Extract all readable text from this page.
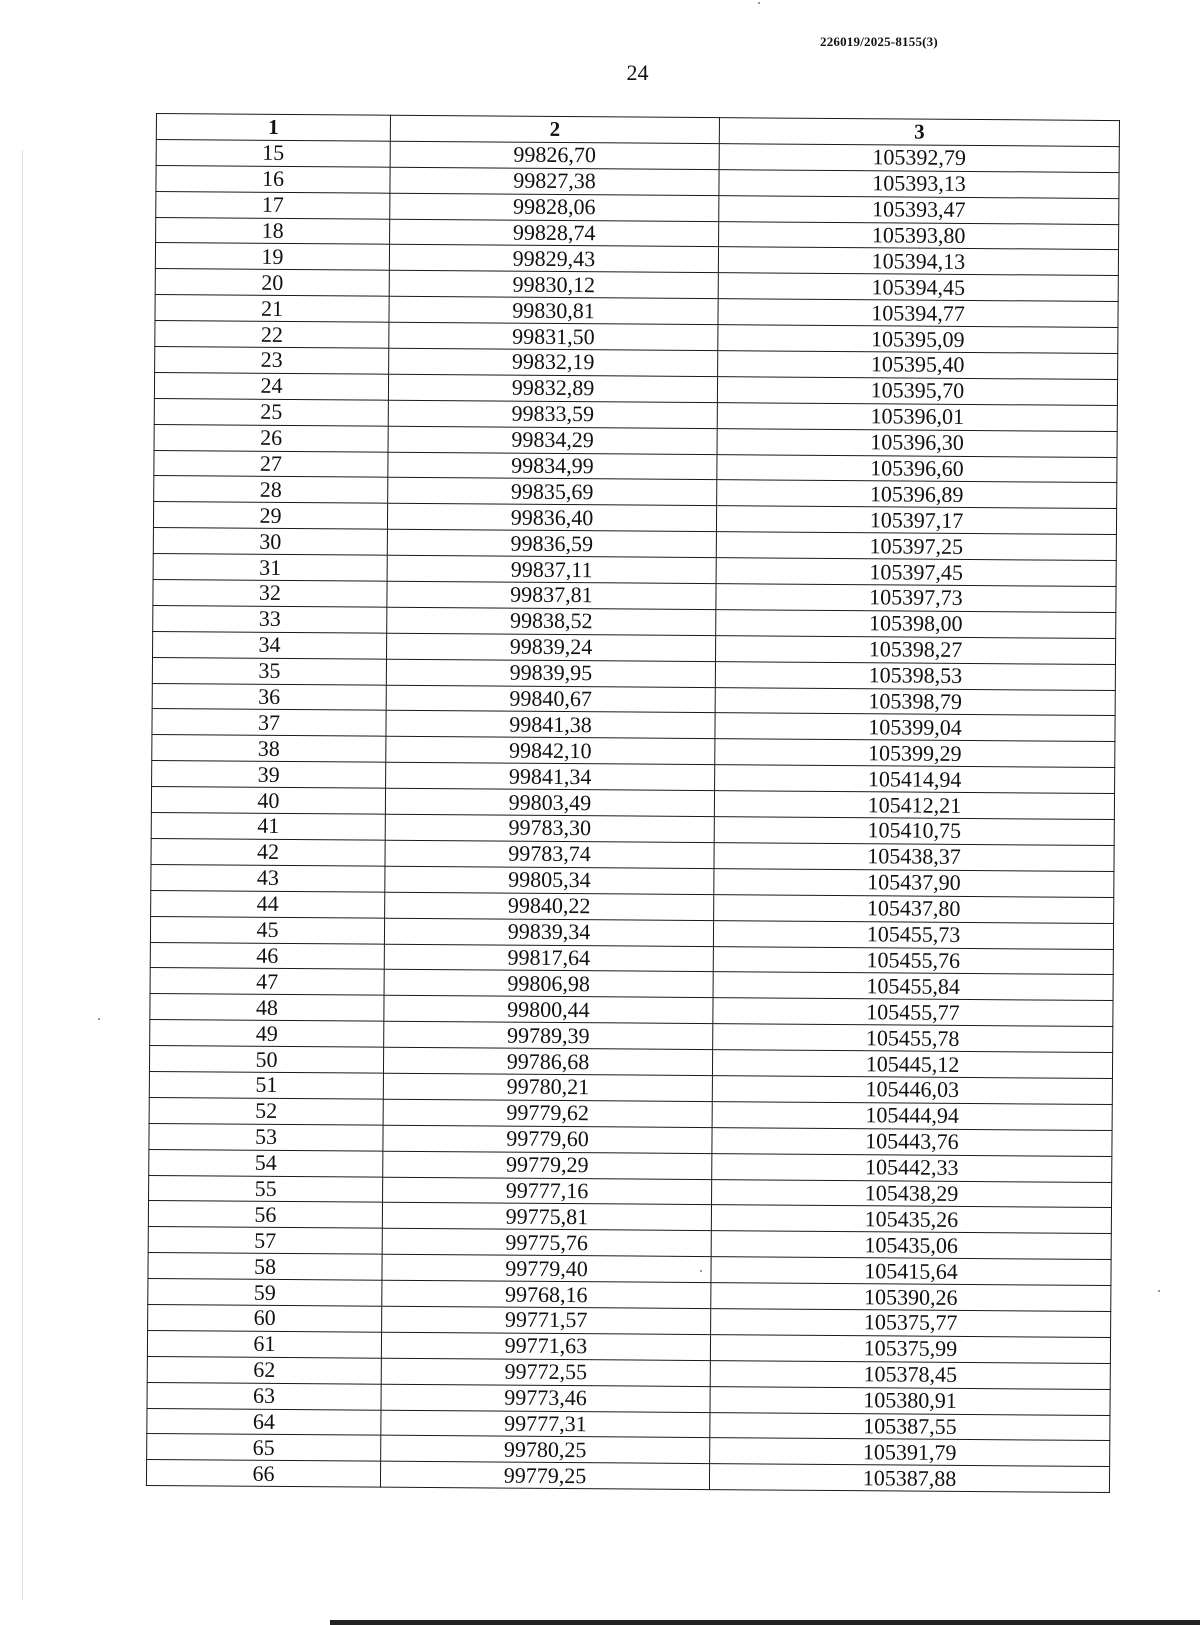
226019/2025-8155(3)
24
1	2	3
15	99826,70	105392,79
16	99827,38	105393,13
17	99828,06	105393,47
18	99828,74	105393,80
19	99829,43	105394,13
20	99830,12	105394,45
21	99830,81	105394,77
22	99831,50	105395,09
23	99832,19	105395,40
24	99832,89	105395,70
25	99833,59	105396,01
26	99834,29	105396,30
27	99834,99	105396,60
28	99835,69	105396,89
29	99836,40	105397,17
30	99836,59	105397,25
31	99837,11	105397,45
32	99837,81	105397,73
33	99838,52	105398,00
34	99839,24	105398,27
35	99839,95	105398,53
36	99840,67	105398,79
37	99841,38	105399,04
38	99842,10	105399,29
39	99841,34	105414,94
40	99803,49	105412,21
41	99783,30	105410,75
42	99783,74	105438,37
43	99805,34	105437,90
44	99840,22	105437,80
45	99839,34	105455,73
46	99817,64	105455,76
47	99806,98	105455,84
48	99800,44	105455,77
49	99789,39	105455,78
50	99786,68	105445,12
51	99780,21	105446,03
52	99779,62	105444,94
53	99779,60	105443,76
54	99779,29	105442,33
55	99777,16	105438,29
56	99775,81	105435,26
57	99775,76	105435,06
58	99779,40	105415,64
59	99768,16	105390,26
60	99771,57	105375,77
61	99771,63	105375,99
62	99772,55	105378,45
63	99773,46	105380,91
64	99777,31	105387,55
65	99780,25	105391,79
66	99779,25	105387,88
